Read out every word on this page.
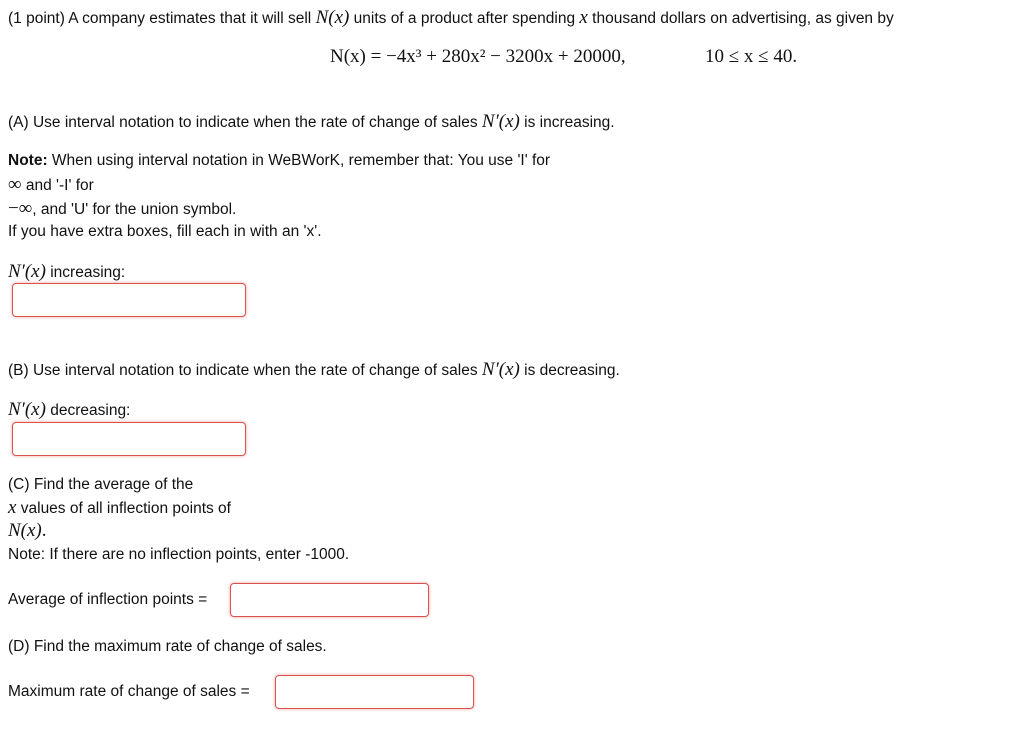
(1 point) A company estimates that it will sell N(x) units of a product after spending x thousand dollars on advertising, as given by
N(x) = −4x³ + 280x² − 3200x + 20000,	10 ≤ x ≤ 40.
(A) Use interval notation to indicate when the rate of change of sales N′(x) is increasing.
Note: When using interval notation in WeBWorK, remember that: You use 'I' for
∞ and '-I' for
−∞, and 'U' for the union symbol.
If you have extra boxes, fill each in with an 'x'.
N′(x) increasing:
(B) Use interval notation to indicate when the rate of change of sales N′(x) is decreasing.
N′(x) decreasing:
(C) Find the average of the
x values of all inflection points of
N(x).
Note: If there are no inflection points, enter -1000.
Average of inflection points =
(D) Find the maximum rate of change of sales.
Maximum rate of change of sales =
